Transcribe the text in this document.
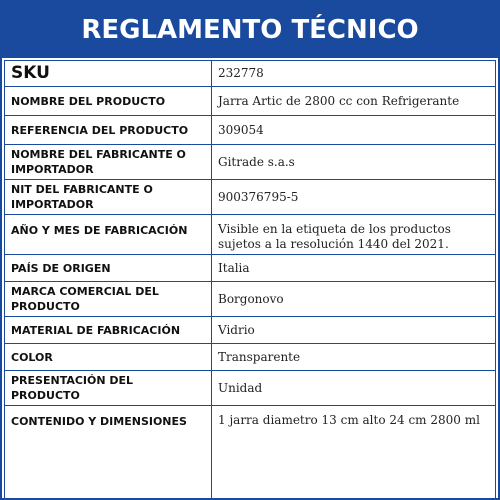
REGLAMENTO TÉCNICO
SKU	232778
NOMBRE DEL PRODUCTO	Jarra Artic de 2800 cc con Refrigerante
REFERENCIA DEL PRODUCTO	309054
NOMBRE DEL FABRICANTE O IMPORTADOR	Gitrade s.a.s
NIT DEL FABRICANTE O IMPORTADOR	900376795-5
AÑO Y MES DE FABRICACIÓN	Visible en la etiqueta de los productos sujetos a la resolución 1440 del 2021.
PAÍS DE ORIGEN	Italia
MARCA COMERCIAL DEL PRODUCTO	Borgonovo
MATERIAL DE FABRICACIÓN	Vidrio
COLOR	Transparente
PRESENTACIÓN DEL PRODUCTO	Unidad
CONTENIDO Y DIMENSIONES	1 jarra diametro 13 cm alto 24 cm 2800 ml
